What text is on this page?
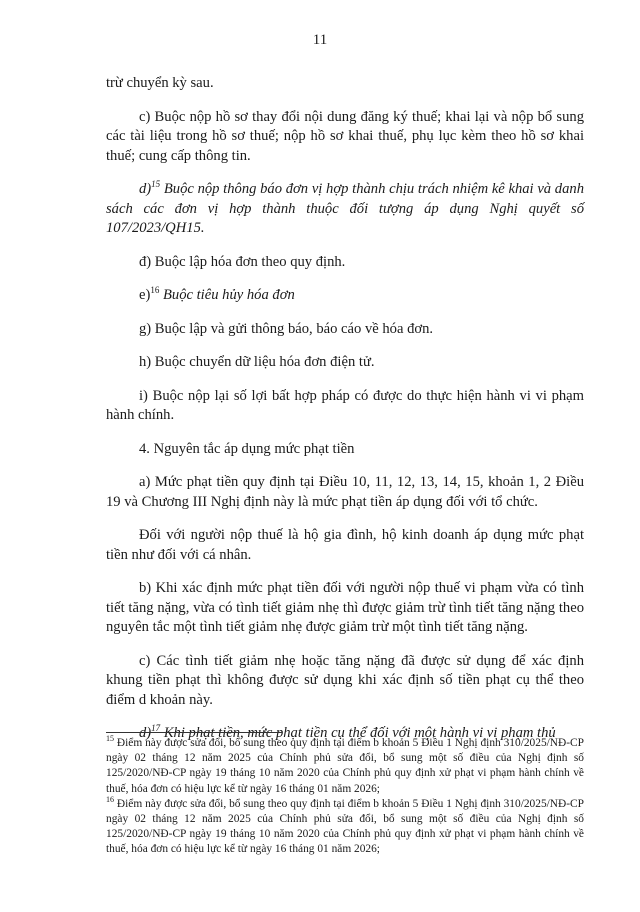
11

trừ chuyển kỳ sau.

c) Buộc nộp hồ sơ thay đổi nội dung đăng ký thuế; khai lại và nộp bổ sung các tài liệu trong hồ sơ thuế; nộp hồ sơ khai thuế, phụ lục kèm theo hồ sơ khai thuế; cung cấp thông tin.

d)$^{15}$ Buộc nộp thông báo đơn vị hợp thành chịu trách nhiệm kê khai và danh sách các đơn vị hợp thành thuộc đối tượng áp dụng Nghị quyết số 107/2023/QH15.

đ) Buộc lập hóa đơn theo quy định.

e)$^{16}$ Buộc tiêu hủy hóa đơn

g) Buộc lập và gửi thông báo, báo cáo về hóa đơn.

h) Buộc chuyển dữ liệu hóa đơn điện tử.

i) Buộc nộp lại số lợi bất hợp pháp có được do thực hiện hành vi vi phạm hành chính.

4. Nguyên tắc áp dụng mức phạt tiền

a) Mức phạt tiền quy định tại Điều 10, 11, 12, 13, 14, 15, khoản 1, 2 Điều 19 và Chương III Nghị định này là mức phạt tiền áp dụng đối với tổ chức.

Đối với người nộp thuế là hộ gia đình, hộ kinh doanh áp dụng mức phạt tiền như đối với cá nhân.

b) Khi xác định mức phạt tiền đối với người nộp thuế vi phạm vừa có tình tiết tăng nặng, vừa có tình tiết giảm nhẹ thì được giảm trừ tình tiết tăng nặng theo nguyên tắc một tình tiết giảm nhẹ được giảm trừ một tình tiết tăng nặng.

c) Các tình tiết giảm nhẹ hoặc tăng nặng đã được sử dụng để xác định khung tiền phạt thì không được sử dụng khi xác định số tiền phạt cụ thể theo điểm d khoản này.

d)$^{17}$ Khi phạt tiền, mức phạt tiền cụ thể đối với một hành vi vi phạm thủ

$^{15}$ Điểm này được sửa đổi, bổ sung theo quy định tại điểm b khoản 5 Điều 1 Nghị định 310/2025/NĐ-CP ngày 02 tháng 12 năm 2025 của Chính phủ sửa đổi, bổ sung một số điều của Nghị định số 125/2020/NĐ-CP ngày 19 tháng 10 năm 2020 của Chính phủ quy định xử phạt vi phạm hành chính về thuế, hóa đơn có hiệu lực kể từ ngày 16 tháng 01 năm 2026;

$^{16}$ Điểm này được sửa đổi, bổ sung theo quy định tại điểm b khoản 5 Điều 1 Nghị định 310/2025/NĐ-CP ngày 02 tháng 12 năm 2025 của Chính phủ sửa đổi, bổ sung một số điều của Nghị định số 125/2020/NĐ-CP ngày 19 tháng 10 năm 2020 của Chính phủ quy định xử phạt vi phạm hành chính về thuế, hóa đơn có hiệu lực kể từ ngày 16 tháng 01 năm 2026;
